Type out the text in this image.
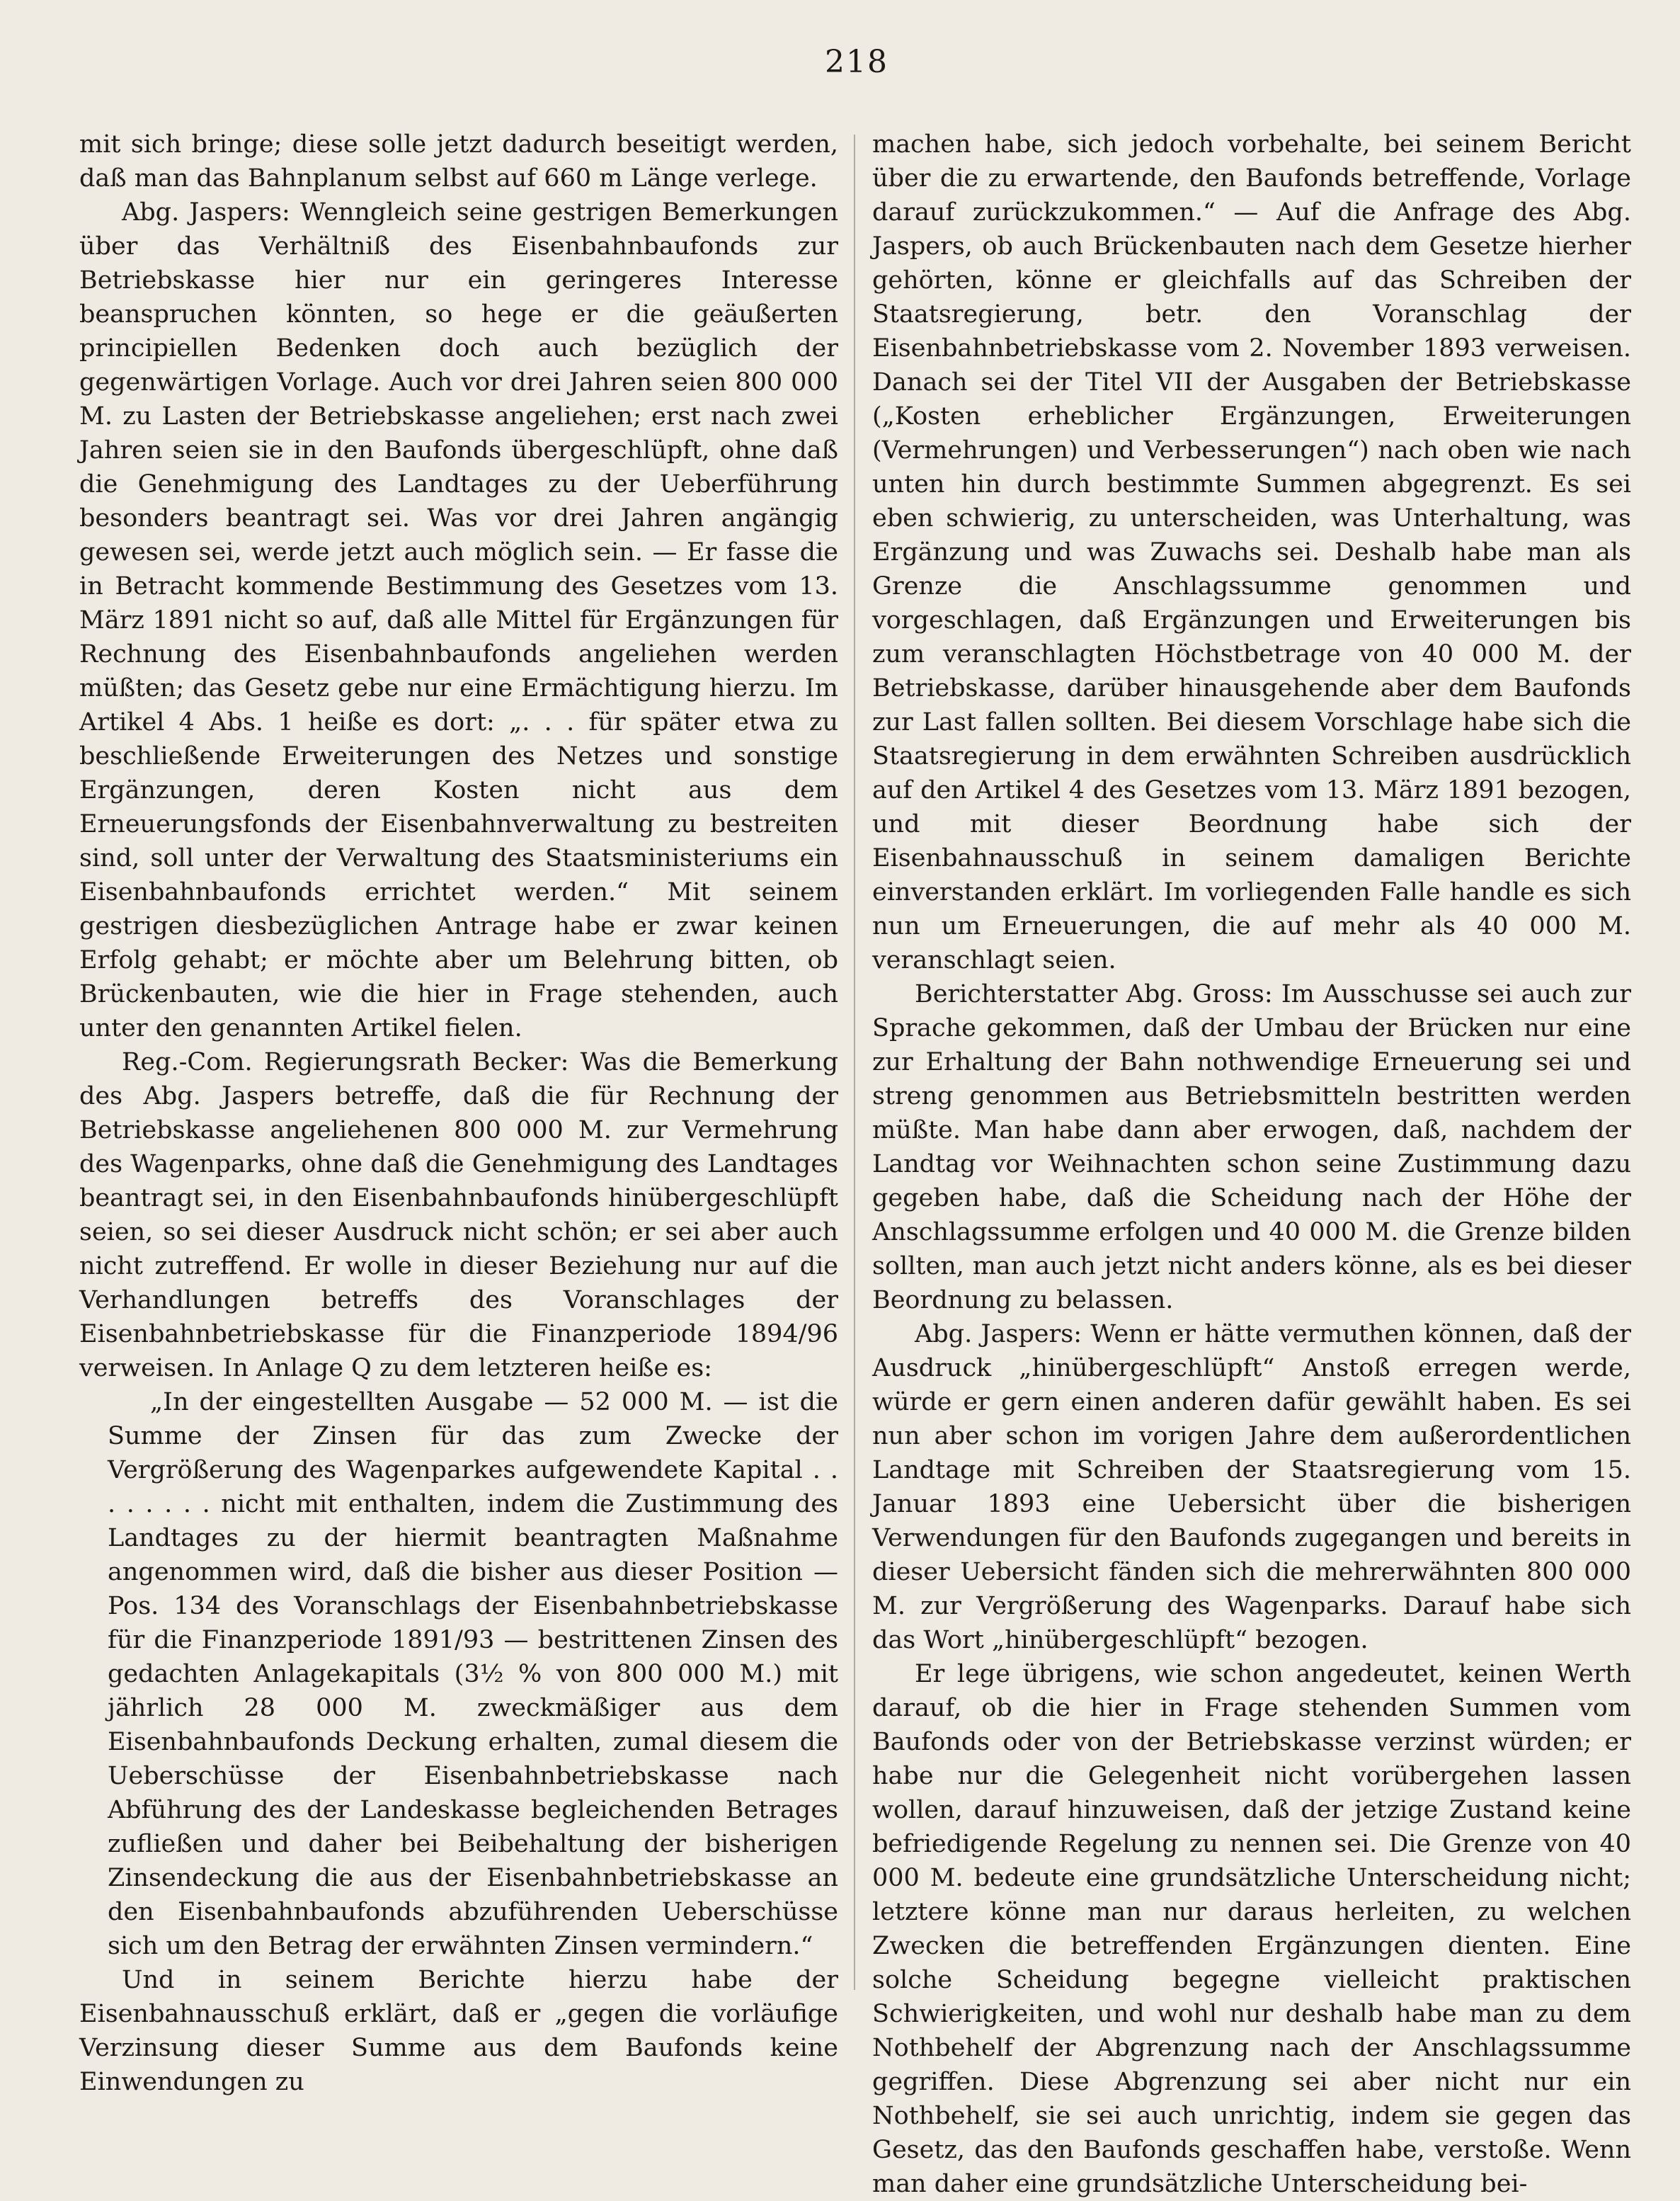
218

mit sich bringe; diese solle jetzt dadurch beseitigt werden, daß man das Bahnplanum selbst auf 660 m Länge verlege.

Abg. Jaspers: Wenngleich seine gestrigen Bemerkungen über das Verhältniß des Eisenbahnbaufonds zur Betriebskasse hier nur ein geringeres Interesse beanspruchen könnten, so hege er die geäußerten principiellen Bedenken doch auch bezüglich der gegenwärtigen Vorlage. Auch vor drei Jahren seien 800 000 M. zu Lasten der Betriebskasse angeliehen; erst nach zwei Jahren seien sie in den Baufonds übergeschlüpft, ohne daß die Genehmigung des Landtages zu der Ueberführung besonders beantragt sei. Was vor drei Jahren angängig gewesen sei, werde jetzt auch möglich sein. — Er fasse die in Betracht kommende Bestimmung des Gesetzes vom 13. März 1891 nicht so auf, daß alle Mittel für Ergänzungen für Rechnung des Eisenbahnbaufonds angeliehen werden müßten; das Gesetz gebe nur eine Ermächtigung hierzu. Im Artikel 4 Abs. 1 heiße es dort: „. . . für später etwa zu beschließende Erweiterungen des Netzes und sonstige Ergänzungen, deren Kosten nicht aus dem Erneuerungsfonds der Eisenbahnverwaltung zu bestreiten sind, soll unter der Verwaltung des Staatsministeriums ein Eisenbahnbaufonds errichtet werden.“ Mit seinem gestrigen diesbezüglichen Antrage habe er zwar keinen Erfolg gehabt; er möchte aber um Belehrung bitten, ob Brückenbauten, wie die hier in Frage stehenden, auch unter den genannten Artikel fielen.

Reg.-Com. Regierungsrath Becker: Was die Bemerkung des Abg. Jaspers betreffe, daß die für Rechnung der Betriebskasse angeliehenen 800 000 M. zur Vermehrung des Wagenparks, ohne daß die Genehmigung des Landtages beantragt sei, in den Eisenbahnbaufonds hinübergeschlüpft seien, so sei dieser Ausdruck nicht schön; er sei aber auch nicht zutreffend. Er wolle in dieser Beziehung nur auf die Verhandlungen betreffs des Voranschlages der Eisenbahnbetriebskasse für die Finanzperiode 1894/96 verweisen. In Anlage Q zu dem letzteren heiße es:

„In der eingestellten Ausgabe — 52 000 M. — ist die Summe der Zinsen für das zum Zwecke der Vergrößerung des Wagenparkes aufgewendete Kapital . . . . . . . . nicht mit enthalten, indem die Zustimmung des Landtages zu der hiermit beantragten Maßnahme angenommen wird, daß die bisher aus dieser Position — Pos. 134 des Voranschlags der Eisenbahnbetriebskasse für die Finanzperiode 1891/93 — bestrittenen Zinsen des gedachten Anlagekapitals (3½ % von 800 000 M.) mit jährlich 28 000 M. zweckmäßiger aus dem Eisenbahnbaufonds Deckung erhalten, zumal diesem die Ueberschüsse der Eisenbahnbetriebskasse nach Abführung des der Landeskasse begleichenden Betrages zufließen und daher bei Beibehaltung der bisherigen Zinsendeckung die aus der Eisenbahnbetriebskasse an den Eisenbahnbaufonds abzuführenden Ueberschüsse sich um den Betrag der erwähnten Zinsen vermindern.“

Und in seinem Berichte hierzu habe der Eisenbahnausschuß erklärt, daß er „gegen die vorläufige Verzinsung dieser Summe aus dem Baufonds keine Einwendungen zu

machen habe, sich jedoch vorbehalte, bei seinem Bericht über die zu erwartende, den Baufonds betreffende, Vorlage darauf zurückzukommen.“ — Auf die Anfrage des Abg. Jaspers, ob auch Brückenbauten nach dem Gesetze hierher gehörten, könne er gleichfalls auf das Schreiben der Staatsregierung, betr. den Voranschlag der Eisenbahnbetriebskasse vom 2. November 1893 verweisen. Danach sei der Titel VII der Ausgaben der Betriebskasse („Kosten erheblicher Ergänzungen, Erweiterungen (Vermehrungen) und Verbesserungen“) nach oben wie nach unten hin durch bestimmte Summen abgegrenzt. Es sei eben schwierig, zu unterscheiden, was Unterhaltung, was Ergänzung und was Zuwachs sei. Deshalb habe man als Grenze die Anschlagssumme genommen und vorgeschlagen, daß Ergänzungen und Erweiterungen bis zum veranschlagten Höchstbetrage von 40 000 M. der Betriebskasse, darüber hinausgehende aber dem Baufonds zur Last fallen sollten. Bei diesem Vorschlage habe sich die Staatsregierung in dem erwähnten Schreiben ausdrücklich auf den Artikel 4 des Gesetzes vom 13. März 1891 bezogen, und mit dieser Beordnung habe sich der Eisenbahnausschuß in seinem damaligen Berichte einverstanden erklärt. Im vorliegenden Falle handle es sich nun um Erneuerungen, die auf mehr als 40 000 M. veranschlagt seien.

Berichterstatter Abg. Gross: Im Ausschusse sei auch zur Sprache gekommen, daß der Umbau der Brücken nur eine zur Erhaltung der Bahn nothwendige Erneuerung sei und streng genommen aus Betriebsmitteln bestritten werden müßte. Man habe dann aber erwogen, daß, nachdem der Landtag vor Weihnachten schon seine Zustimmung dazu gegeben habe, daß die Scheidung nach der Höhe der Anschlagssumme erfolgen und 40 000 M. die Grenze bilden sollten, man auch jetzt nicht anders könne, als es bei dieser Beordnung zu belassen.

Abg. Jaspers: Wenn er hätte vermuthen können, daß der Ausdruck „hinübergeschlüpft“ Anstoß erregen werde, würde er gern einen anderen dafür gewählt haben. Es sei nun aber schon im vorigen Jahre dem außerordentlichen Landtage mit Schreiben der Staatsregierung vom 15. Januar 1893 eine Uebersicht über die bisherigen Verwendungen für den Baufonds zugegangen und bereits in dieser Uebersicht fänden sich die mehrerwähnten 800 000 M. zur Vergrößerung des Wagenparks. Darauf habe sich das Wort „hinübergeschlüpft“ bezogen.

Er lege übrigens, wie schon angedeutet, keinen Werth darauf, ob die hier in Frage stehenden Summen vom Baufonds oder von der Betriebskasse verzinst würden; er habe nur die Gelegenheit nicht vorübergehen lassen wollen, darauf hinzuweisen, daß der jetzige Zustand keine befriedigende Regelung zu nennen sei. Die Grenze von 40 000 M. bedeute eine grundsätzliche Unterscheidung nicht; letztere könne man nur daraus herleiten, zu welchen Zwecken die betreffenden Ergänzungen dienten. Eine solche Scheidung begegne vielleicht praktischen Schwierigkeiten, und wohl nur deshalb habe man zu dem Nothbehelf der Abgrenzung nach der Anschlagssumme gegriffen. Diese Abgrenzung sei aber nicht nur ein Nothbehelf, sie sei auch unrichtig, indem sie gegen das Gesetz, das den Baufonds geschaffen habe, verstoße. Wenn man daher eine grundsätzliche Unterscheidung bei-
